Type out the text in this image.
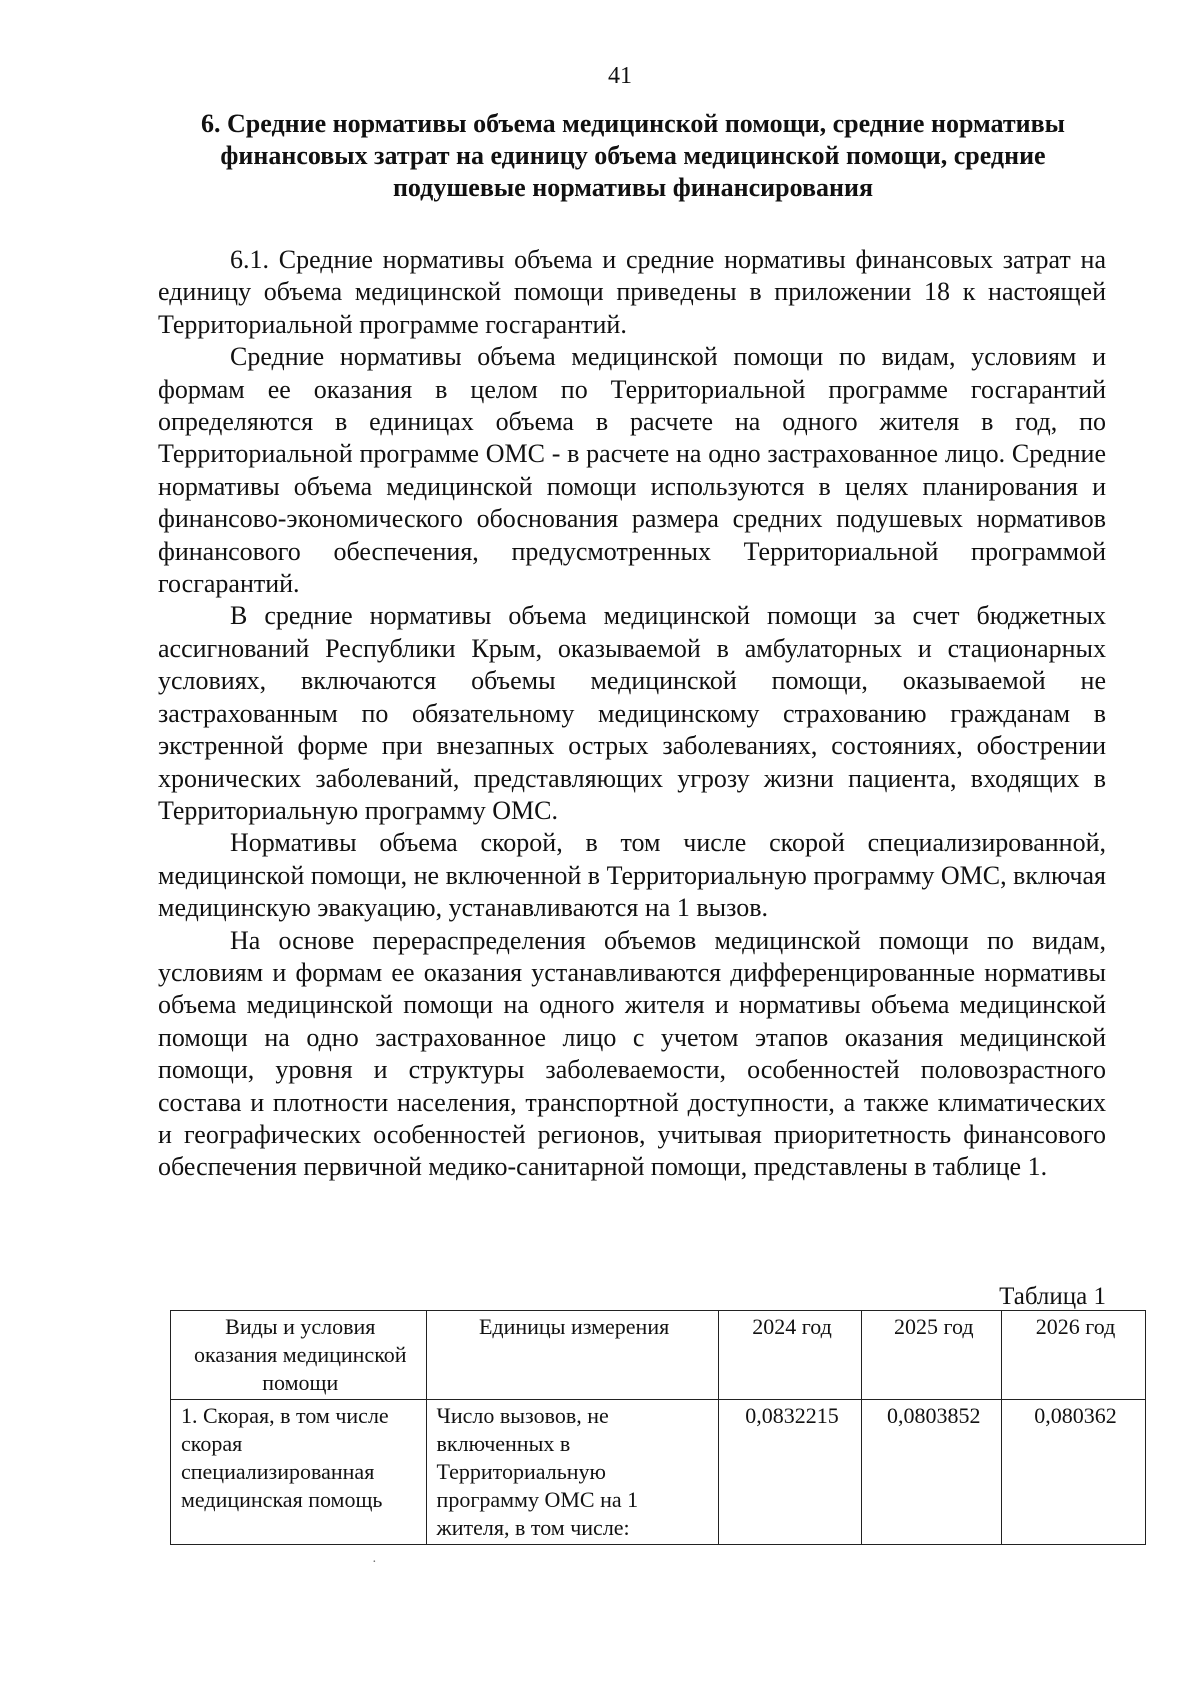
41
6. Средние нормативы объема медицинской помощи, средние нормативы финансовых затрат на единицу объема медицинской помощи, средние подушевые нормативы финансирования

6.1. Средние нормативы объема и средние нормативы финансовых затрат на единицу объема медицинской помощи приведены в приложении 18 к настоящей Территориальной программе госгарантий.

Средние нормативы объема медицинской помощи по видам, условиям и формам ее оказания в целом по Территориальной программе госгарантий определяются в единицах объема в расчете на одного жителя в год, по Территориальной программе ОМС - в расчете на одно застрахованное лицо. Средние нормативы объема медицинской помощи используются в целях планирования и финансово-экономического обоснования размера средних подушевых нормативов финансового обеспечения, предусмотренных Территориальной программой госгарантий.

В средние нормативы объема медицинской помощи за счет бюджетных ассигнований Республики Крым, оказываемой в амбулаторных и стационарных условиях, включаются объемы медицинской помощи, оказываемой не застрахованным по обязательному медицинскому страхованию гражданам в экстренной форме при внезапных острых заболеваниях, состояниях, обострении хронических заболеваний, представляющих угрозу жизни пациента, входящих в Территориальную программу ОМС.

Нормативы объема скорой, в том числе скорой специализированной, медицинской помощи, не включенной в Территориальную программу ОМС, включая медицинскую эвакуацию, устанавливаются на 1 вызов.

На основе перераспределения объемов медицинской помощи по видам, условиям и формам ее оказания устанавливаются дифференцированные нормативы объема медицинской помощи на одного жителя и нормативы объема медицинской помощи на одно застрахованное лицо с учетом этапов оказания медицинской помощи, уровня и структуры заболеваемости, особенностей половозрастного состава и плотности населения, транспортной доступности, а также климатических и географических особенностей регионов, учитывая приоритетность финансового обеспечения первичной медико-санитарной помощи, представлены в таблице 1.

Таблица 1
Виды и условия оказания медицинской помощи	Единицы измерения	2024 год	2025 год	2026 год
1. Скорая, в том числе скорая специализированная медицинская помощь	Число вызовов, не включенных в Территориальную программу ОМС на 1 жителя, в том числе:	0,0832215	0,0803852	0,080362
·
